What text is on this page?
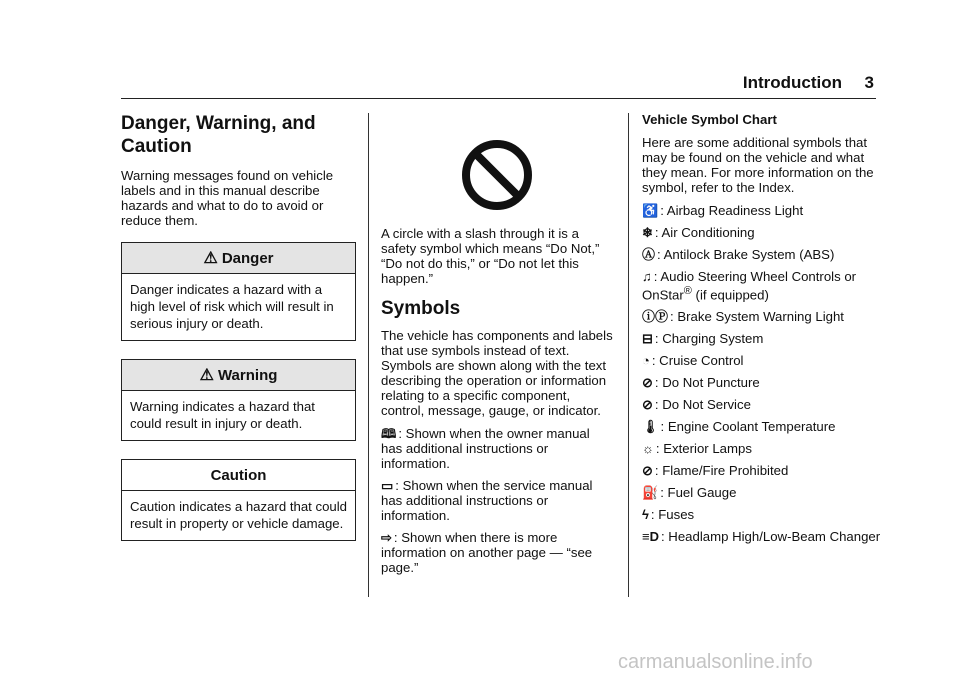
Introduction 3
Danger, Warning, and Caution

Warning messages found on vehicle labels and in this manual describe hazards and what to do to avoid or reduce them.

⚠ Danger
Danger indicates a hazard with a high level of risk which will result in serious injury or death.
⚠ Warning
Warning indicates a hazard that could result in injury or death.
Caution
Caution indicates a hazard that could result in property or vehicle damage.

A circle with a slash through it is a safety symbol which means “Do Not,” “Do not do this,” or “Do not let this happen.”

Symbols

The vehicle has components and labels that use symbols instead of text. Symbols are shown along with the text describing the operation or information relating to a specific component, control, message, gauge, or indicator.

🕮 : Shown when the owner manual has additional instructions or information.

▭ : Shown when the service manual has additional instructions or information.

⇨ : Shown when there is more information on another page — “see page.”

Vehicle Symbol Chart

Here are some additional symbols that may be found on the vehicle and what they mean. For more information on the symbol, refer to the Index.

♿ : Airbag Readiness Light

❄ : Air Conditioning

Ⓐ : Antilock Brake System (ABS)

♫ : Audio Steering Wheel Controls or OnStar® (if equipped)

ⓘⓅ : Brake System Warning Light

⊟ : Charging System

◔ : Cruise Control

⊘ : Do Not Puncture

⊘ : Do Not Service

🌡 : Engine Coolant Temperature

☼ : Exterior Lamps

⊘ : Flame/Fire Prohibited

⛽ : Fuel Gauge

ϟ : Fuses

≡D : Headlamp High/Low-Beam Changer

carmanualsonline.info
